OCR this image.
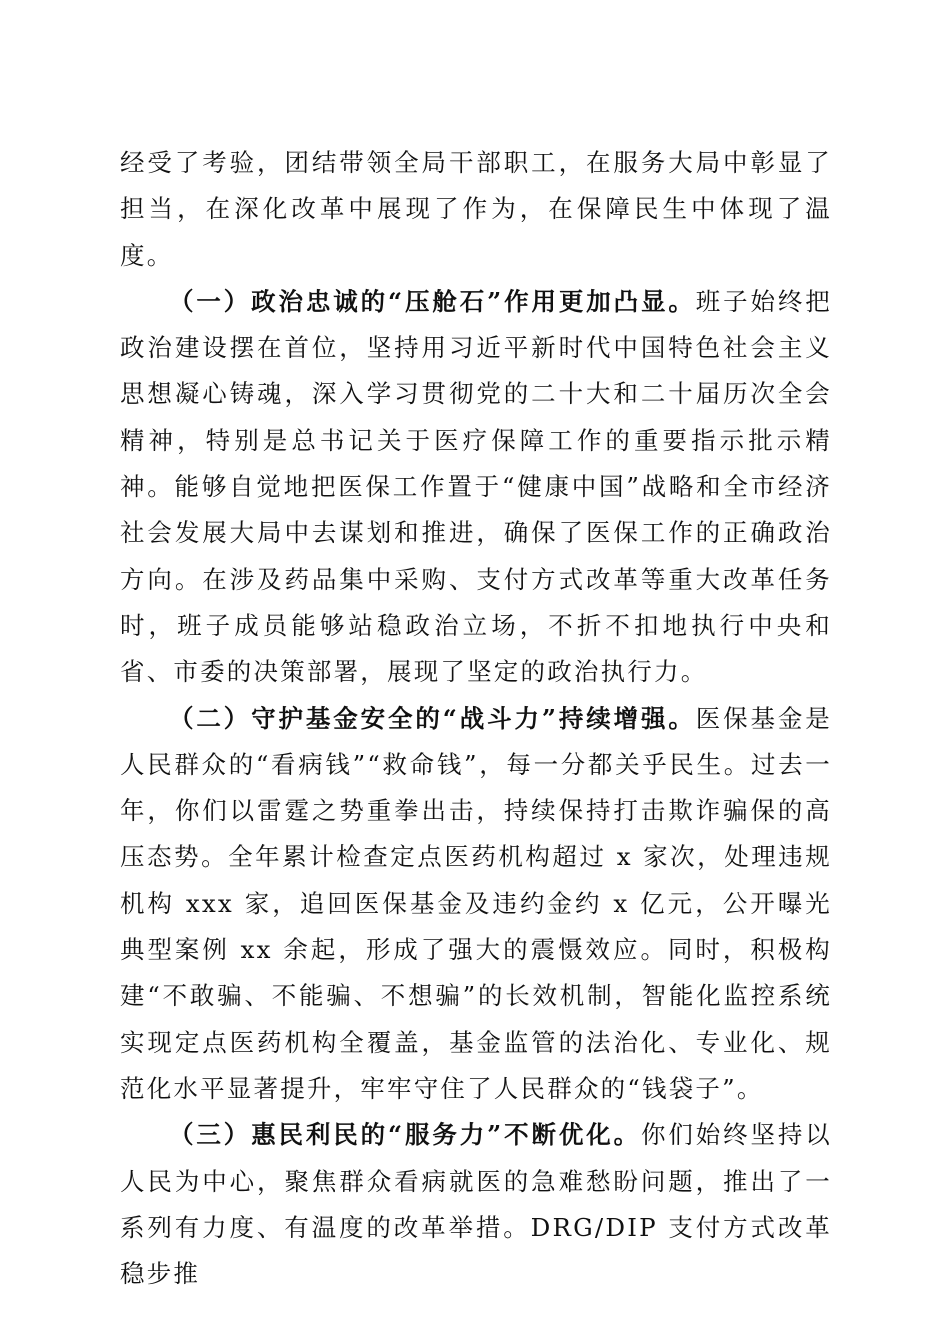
经受了考验，团结带领全局干部职工，在服务大局中彰显了担当，在深化改革中展现了作为，在保障民生中体现了温度。

（一）政治忠诚的“压舱石”作用更加凸显。班子始终把政治建设摆在首位，坚持用习近平新时代中国特色社会主义思想凝心铸魂，深入学习贯彻党的二十大和二十届历次全会精神，特别是总书记关于医疗保障工作的重要指示批示精神。能够自觉地把医保工作置于“健康中国”战略和全市经济社会发展大局中去谋划和推进，确保了医保工作的正确政治方向。在涉及药品集中采购、支付方式改革等重大改革任务时，班子成员能够站稳政治立场，不折不扣地执行中央和省、市委的决策部署，展现了坚定的政治执行力。

（二）守护基金安全的“战斗力”持续增强。医保基金是人民群众的“看病钱”“救命钱”，每一分都关乎民生。过去一年，你们以雷霆之势重拳出击，持续保持打击欺诈骗保的高压态势。全年累计检查定点医药机构超过 x 家次，处理违规机构 xxx 家，追回医保基金及违约金约 x 亿元，公开曝光典型案例 xx 余起，形成了强大的震慑效应。同时，积极构建“不敢骗、不能骗、不想骗”的长效机制，智能化监控系统实现定点医药机构全覆盖，基金监管的法治化、专业化、规范化水平显著提升，牢牢守住了人民群众的“钱袋子”。

（三）惠民利民的“服务力”不断优化。你们始终坚持以人民为中心，聚焦群众看病就医的急难愁盼问题，推出了一系列有力度、有温度的改革举措。DRG/DIP 支付方式改革稳步推
